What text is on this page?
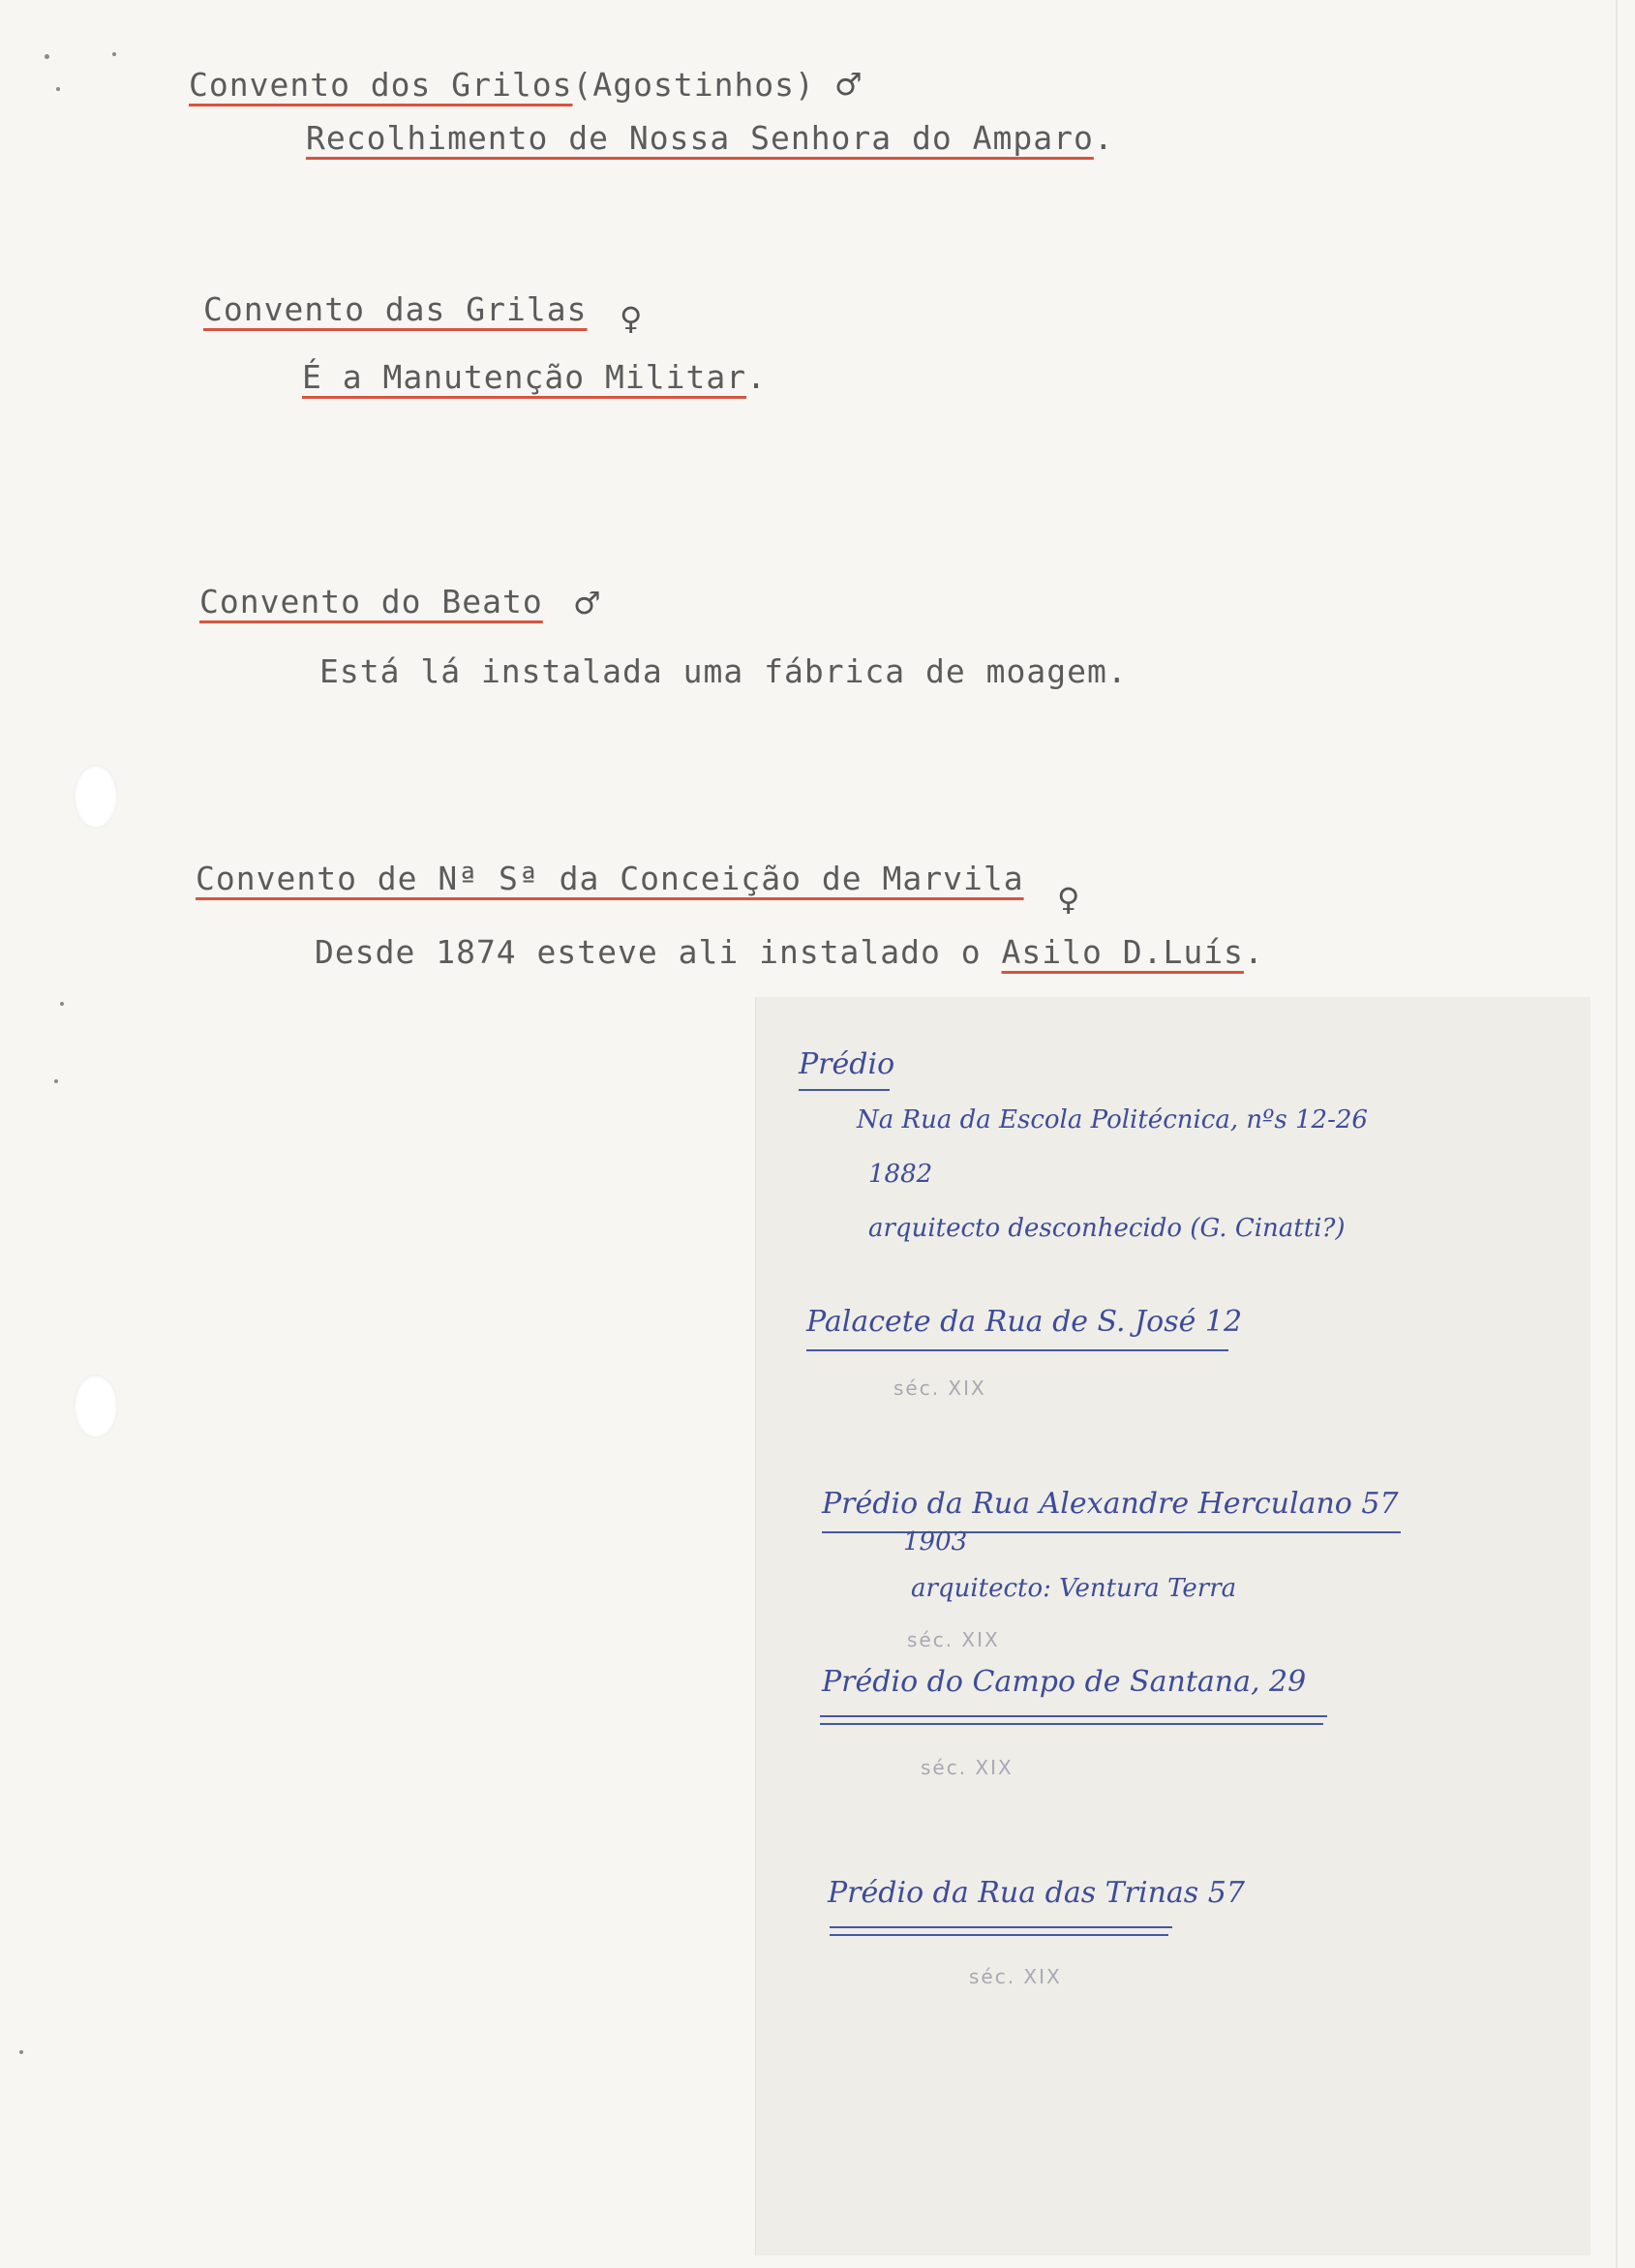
Convento dos Grilos(Agostinhos) ♂
Recolhimento de Nossa Senhora do Amparo.
Convento das Grilas ♀
É a Manutenção Militar.
Convento do Beato ♂
Está lá instalada uma fábrica de moagem.
Convento de Nª Sª da Conceição de Marvila
♀
Desde 1874 esteve ali instalado o Asilo D.Luís.
Prédio
Na Rua da Escola Politécnica, nºs 12-26
1882
arquitecto desconhecido (G. Cinatti?)
Palacete da Rua de S. José 12
séc. XIX
Prédio da Rua Alexandre Herculano 57
1903
arquitecto: Ventura Terra
séc. XIX
Prédio do Campo de Santana, 29
séc. XIX
Prédio da Rua das Trinas 57
séc. XIX
